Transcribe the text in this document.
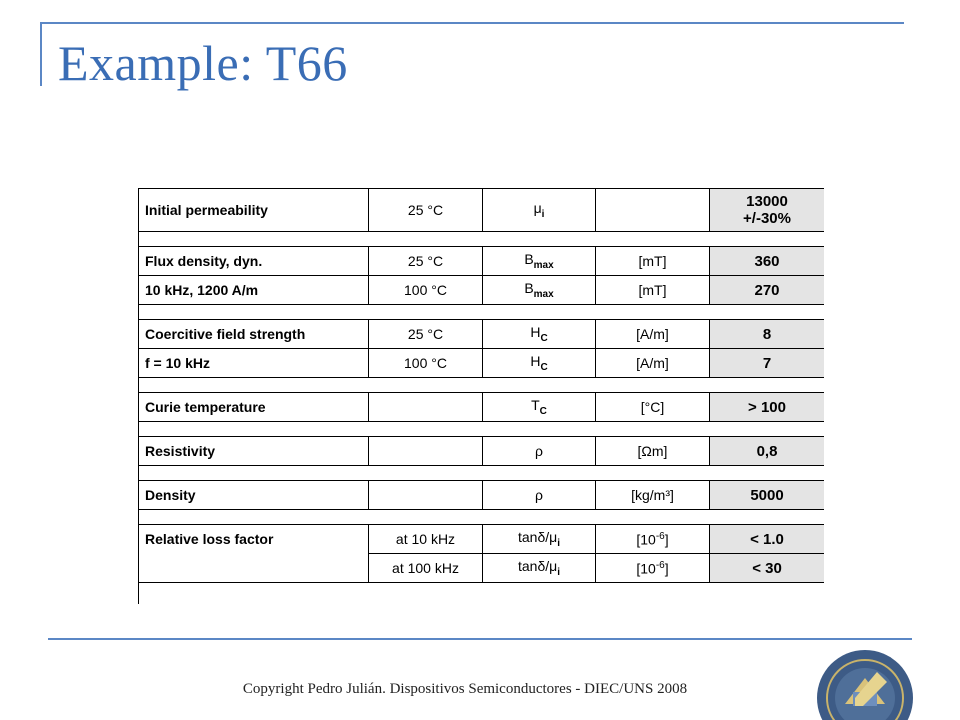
Example: T66
Initial permeability	25 °C	$\mu_i$		13000
+/-30%

Flux density, dyn.	25 °C	$B_{max}$	[mT]	360
10 kHz, 1200 A/m	100 °C	$B_{max}$	[mT]	270

Coercitive field strength	25 °C	$H_C$	[A/m]	8
f = 10 kHz	100 °C	$H_C$	[A/m]	7

Curie temperature		$T_C$	[°C]	> 100

Resistivity		ρ	[Ωm]	0,8

Density		ρ	[kg/m³]	5000

Relative loss factor	at 10 kHz	tanδ/$\mu_i$	$[10^{-6}]$	< 1.0
	at 100 kHz	tanδ/$\mu_i$	$[10^{-6}]$	< 30

Copyright Pedro Julián. Dispositivos Semiconductores - DIEC/UNS 2008
